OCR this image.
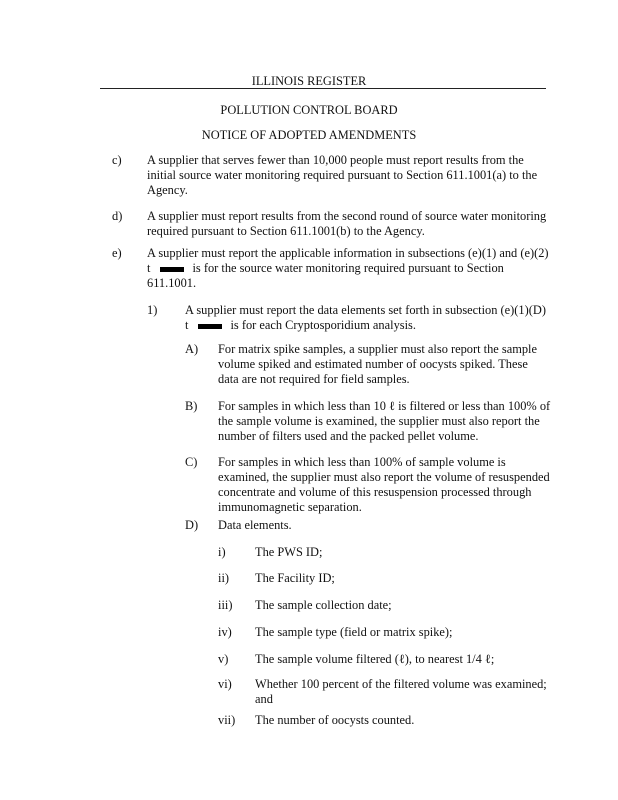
ILLINOIS REGISTER
POLLUTION CONTROL BOARD
NOTICE OF ADOPTED AMENDMENTS
c) A supplier that serves fewer than 10,000 people must report results from the
initial source water monitoring required pursuant to Section 611.1001(a) to the
Agency.
d) A supplier must report results from the second round of source water monitoring
required pursuant to Section 611.1001(b) to the Agency.
e) A supplier must report the applicable information in subsections (e)(1) and (e)(2)
t	is for the source water monitoring required pursuant to Section
611.1001.
1) A supplier must report the data elements set forth in subsection (e)(1)(D)
t	is for each Cryptosporidium analysis.
A) For matrix spike samples, a supplier must also report the sample
volume spiked and estimated number of oocysts spiked. These
data are not required for field samples.
B) For samples in which less than 10 ℓ is filtered or less than 100% of
the sample volume is examined, the supplier must also report the
number of filters used and the packed pellet volume.
C) For samples in which less than 100% of sample volume is
examined, the supplier must also report the volume of resuspended
concentrate and volume of this resuspension processed through
immunomagnetic separation.
D) Data elements.
i) The PWS ID;
ii) The Facility ID;
iii) The sample collection date;
iv) The sample type (field or matrix spike);
v) The sample volume filtered (ℓ), to nearest 1/4 ℓ;
vi) Whether 100 percent of the filtered volume was examined;
and
vii) The number of oocysts counted.
